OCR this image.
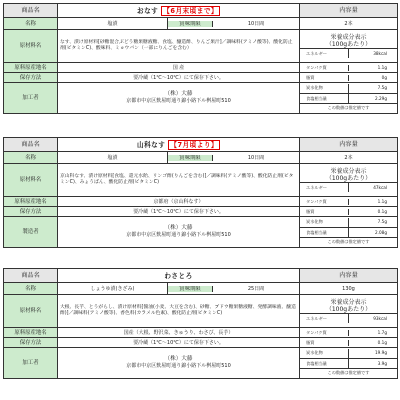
商品名	おなす 【6月末頃まで】	内容量
名称	塩漬		賞味期限	10日間
		2本
原材料名	なす、漬け原材料[砂糖混合ぶどう糖果糖液糖、食塩、醸造酢、りんご果汁]／調味料(アミノ酸等)、酸化防止剤(ビタミンC)、酸味料、ミョウバン（一部にりんごを含む）	
栄養成分表示
（100gあたり）
エネルギー	38kcal

原料原産地名	国 産		タンパク質	1.1g

保存方法	要冷蔵（1℃～10℃）にて保存下さい。		脂質	0g

加工者	
（株）大藤
京都市中京区麩屋町通り錦小路下ル桝屋町510

炭水化物	7.5g
食塩相当量	2.29g
この数値は推定値です
商品名	山科なす 【7月頃より】	内容量
名称	塩漬		賞味期限	10日間
		2本
原材料名	京山科なす、漬け原材料[食塩、還元水飴、リンゴ酢(りんごを含む)]／調味料(アミノ酸等)、酸化防止剤(ビタミンC)、みょうばん、酸化防止剤(ビタミンC)	
栄養成分表示
（100gあたり）
エネルギー	47kcal

原料原産地名	京都府（京山科なす）		タンパク質	1.1g

保存方法	要冷蔵（1℃～10℃）にて保存下さい。		脂質	0.1g

製造者	
（株）大藤
京都市中京区麩屋町通り錦小路下ル桝屋町510

炭水化物	7.5g
食塩相当量	2.08g
この数値は推定値です
商品名	わさとろ	内容量
名称	しょうゆ漬(きざみ)		賞味期限	25日間
		130g
原材料名	大根、長芋、とうがらし、漬け原材料[醤油(小麦、大豆を含む)、砂糖、ブドウ糖果糖液糖、発酵調味液、醸造酢)]／調味料(アミノ酸等)、香色料(カラメル色素)、酸化防止剤(ビタミンC)	
栄養成分表示
（100gあたり）
エネルギー	93kcal

原料原産地名	国産（大根、野沢菜、きゅうり、わさび、長芋）		タンパク質	1.7g

保存方法	要冷蔵（1℃～10℃）にて保存下さい。		脂質	0.1g

加工者	
（株）大藤
京都市中京区麩屋町通り錦小路下ル桝屋町510

炭水化物	19.9g
食塩相当量	3.9g
この数値は推定値です
